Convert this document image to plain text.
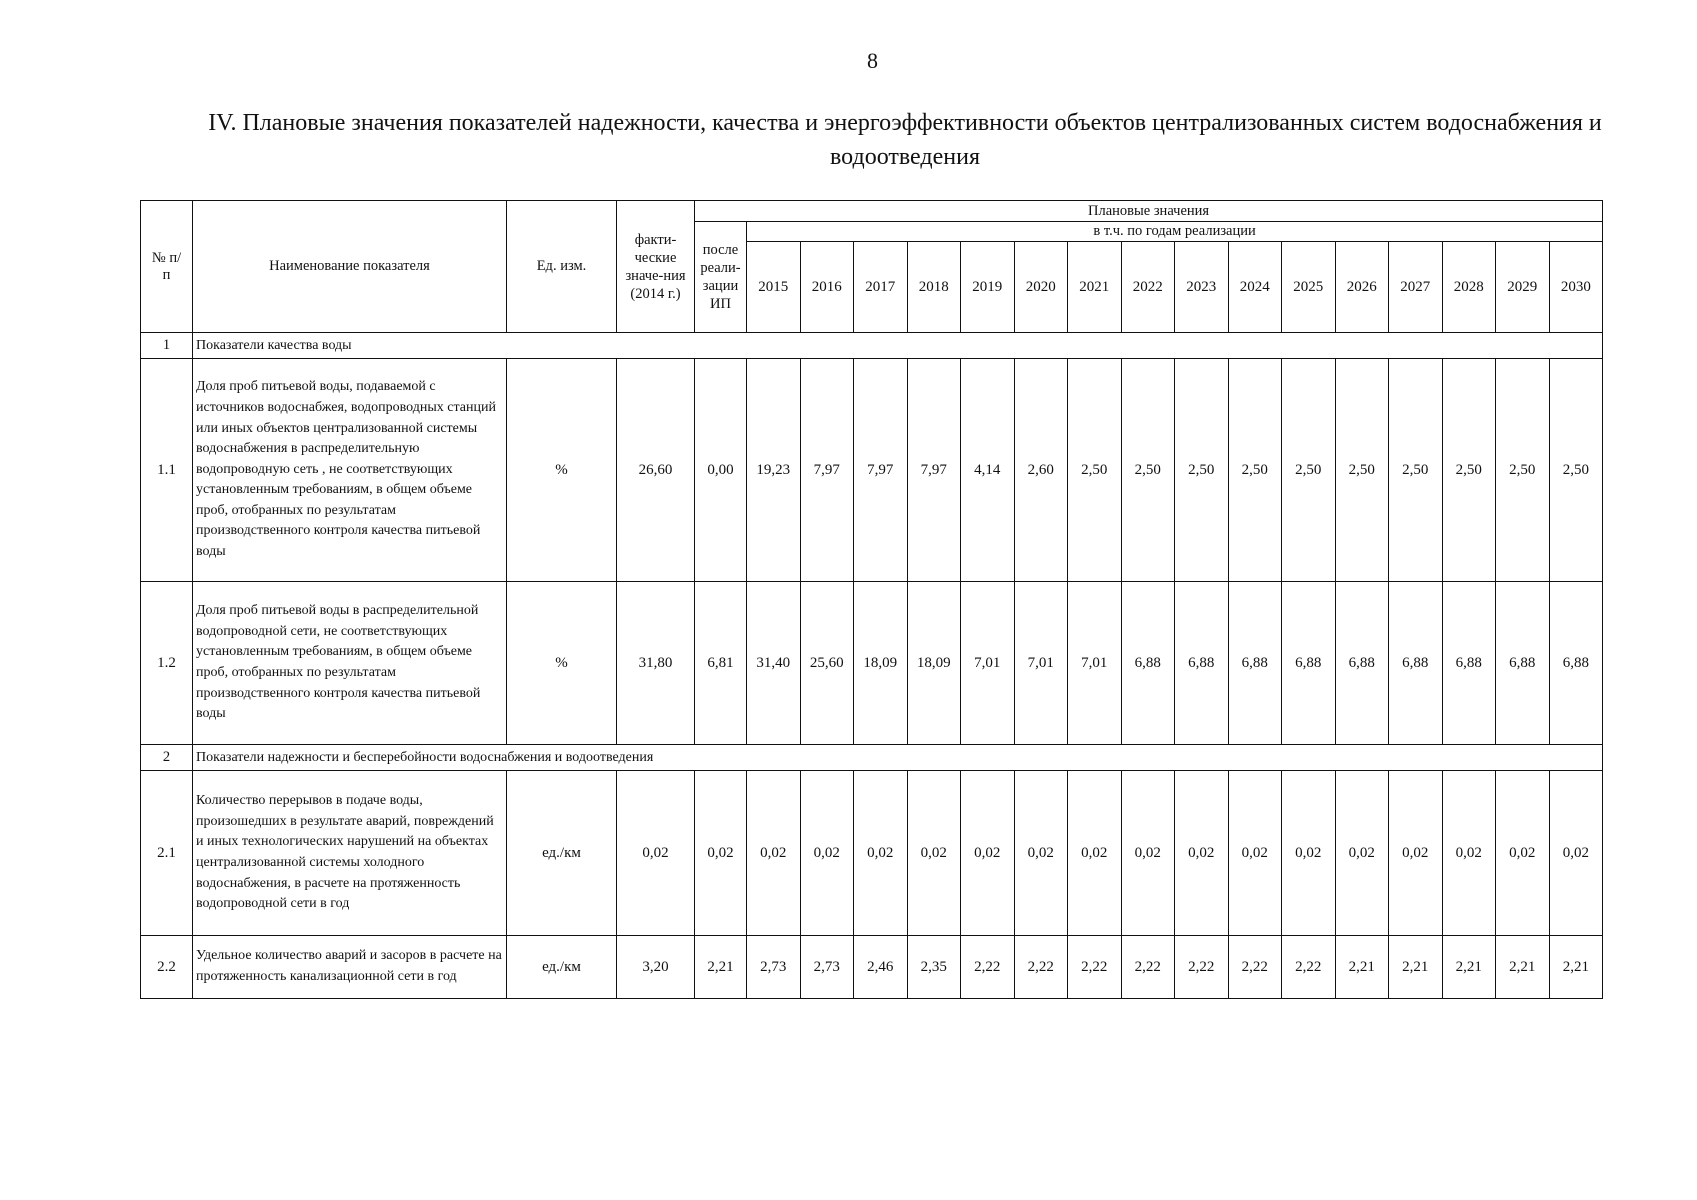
8
IV. Плановые значения показателей надежности, качества и энергоэффективности объектов централизованных систем водоснабжения и водоотведения
№ п/п	Наименование показателя	Ед. изм.	факти-ческие значе-ния (2014 г.)	Плановые значения																
				после реали-зации ИП	в т.ч. по годам реализации															
					2015	2016	2017	2018	2019	2020	2021	2022	2023	2024	2025	2026	2027	2028	2029	2030
1	Показатели качества воды																			
1.1	Доля проб питьевой воды, подаваемой с источников водоснабжея, водопроводных станций или иных объектов централизованной системы водоснабжения в распределительную водопроводную сеть , не соответствующих установленным требованиям, в общем объеме проб, отобранных по результатам производственного контроля качества питьевой воды	%	26,60	0,00	19,23	7,97	7,97	7,97	4,14	2,60	2,50	2,50	2,50	2,50	2,50	2,50	2,50	2,50	2,50	2,50
1.2	Доля проб питьевой воды в распределительной водопроводной сети, не соответствующих установленным требованиям, в общем объеме проб, отобранных по результатам производственного контроля качества питьевой воды	%	31,80	6,81	31,40	25,60	18,09	18,09	7,01	7,01	7,01	6,88	6,88	6,88	6,88	6,88	6,88	6,88	6,88	6,88
2	Показатели надежности и бесперебойности водоснабжения и водоотведения																			
2.1	Количество перерывов в подаче воды, произошедших в результате аварий, повреждений и иных технологических нарушений на объектах централизованной системы холодного водоснабжения, в расчете на протяженность водопроводной сети в год	ед./км	0,02	0,02	0,02	0,02	0,02	0,02	0,02	0,02	0,02	0,02	0,02	0,02	0,02	0,02	0,02	0,02	0,02	0,02
2.2	Удельное количество аварий и засоров в расчете на протяженность канализационной сети в год	ед./км	3,20	2,21	2,73	2,73	2,46	2,35	2,22	2,22	2,22	2,22	2,22	2,22	2,22	2,21	2,21	2,21	2,21	2,21
